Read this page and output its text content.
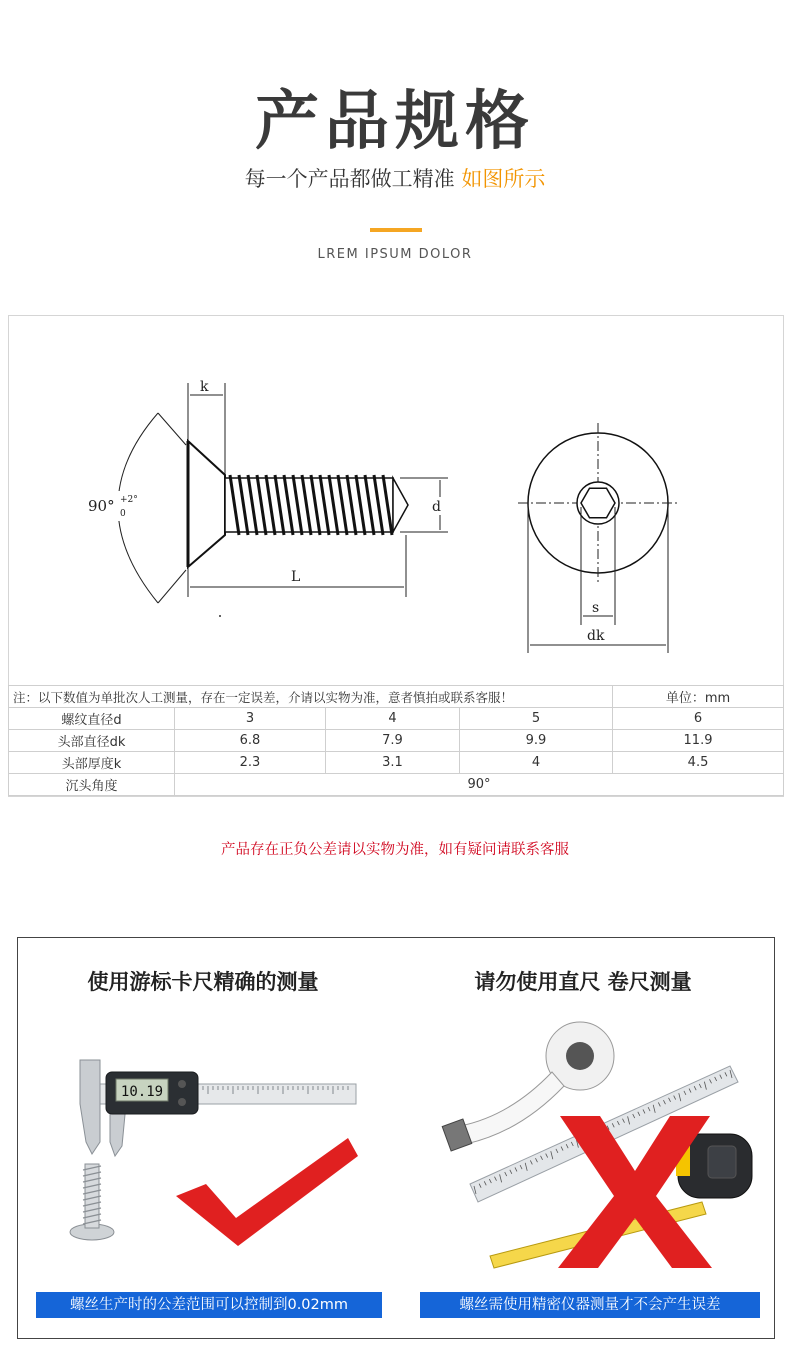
产品规格
每一个产品都做工精准 如图所示
LREM IPSUM DOLOR
k
90° +2°
0	d
L
s
dk
注：以下数值为单批次人工测量，存在一定误差，介请以实物为准，意者慎拍或联系客服！				单位：mm
螺纹直径d	3	4	5	6
头部直径dk	6.8	7.9	9.9	11.9
头部厚度k	2.3	3.1	4	4.5
沉头角度	90°			
产品存在正负公差请以实物为准，如有疑问请联系客服
使用游标卡尺精确的测量	请勿使用直尺 卷尺测量
10.19
螺丝生产时的公差范围可以控制到0.02mm	螺丝需使用精密仪器测量才不会产生误差
